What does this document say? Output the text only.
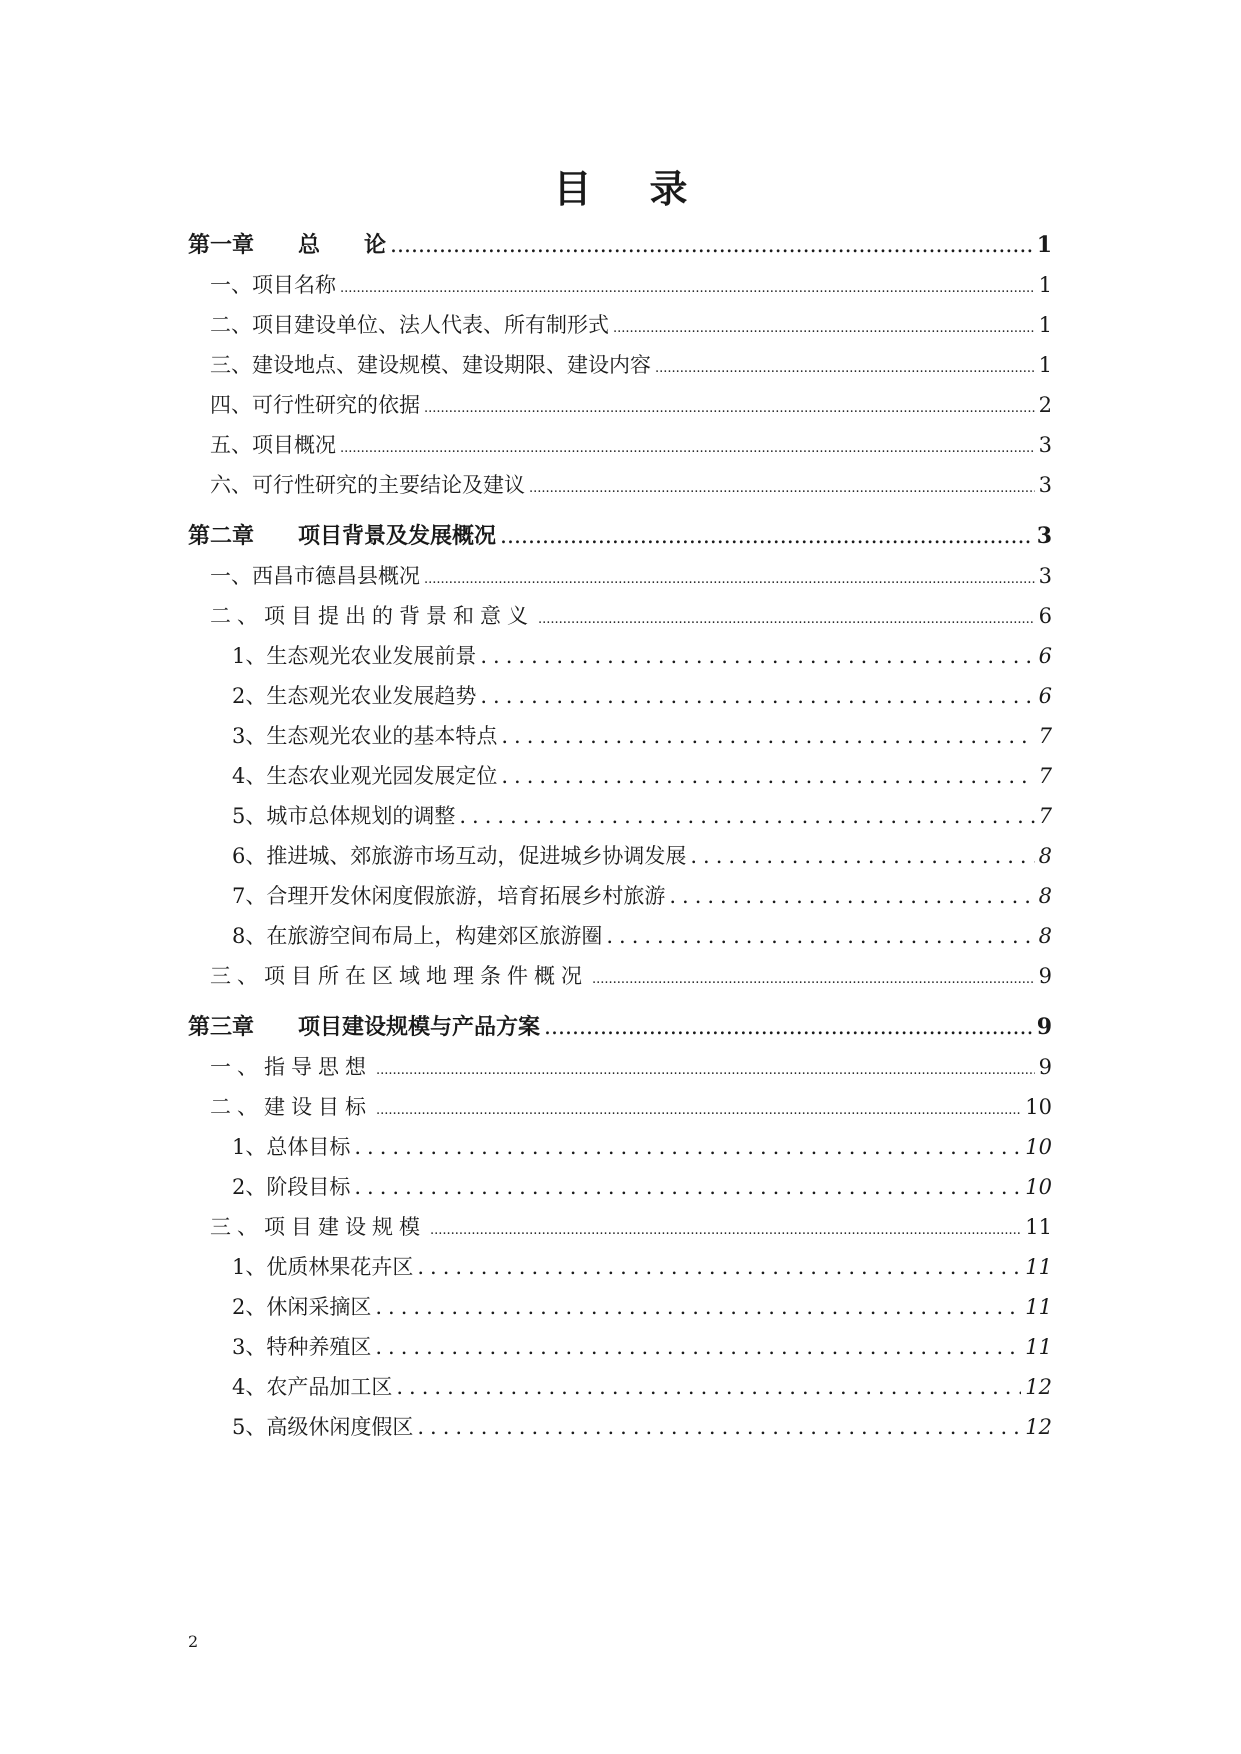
目录
第一章　　总　　论 .....	1
一、项目名称 .....	1
二、项目建设单位、法人代表、所有制形式 .....	1
三、建设地点、建设规模、建设期限、建设内容 .....	1
四、可行性研究的依据 .....	2
五、项目概况 .....	3
六、可行性研究的主要结论及建议 .....	3
第二章　　项目背景及发展概况 .....	3
一、西昌市德昌县概况 .....	3
二、项目提出的背景和意义 .....	6
1、生态观光农业发展前景 .....	6
2、生态观光农业发展趋势 .....	6
3、生态观光农业的基本特点 .....	7
4、生态农业观光园发展定位 .....	7
5、城市总体规划的调整 .....	7
6、推进城、郊旅游市场互动，促进城乡协调发展 .....	8
7、合理开发休闲度假旅游，培育拓展乡村旅游 .....	8
8、在旅游空间布局上，构建郊区旅游圈 .....	8
三、项目所在区域地理条件概况 .....	9
第三章　　项目建设规模与产品方案 .....	9
一、指导思想 .....	9
二、建设目标 .....	10
1、总体目标 .....	10
2、阶段目标 .....	10
三、项目建设规模 .....	11
1、优质林果花卉区 .....	11
2、休闲采摘区 .....	11
3、特种养殖区 .....	11
4、农产品加工区 .....	12
5、高级休闲度假区 .....	12
2
